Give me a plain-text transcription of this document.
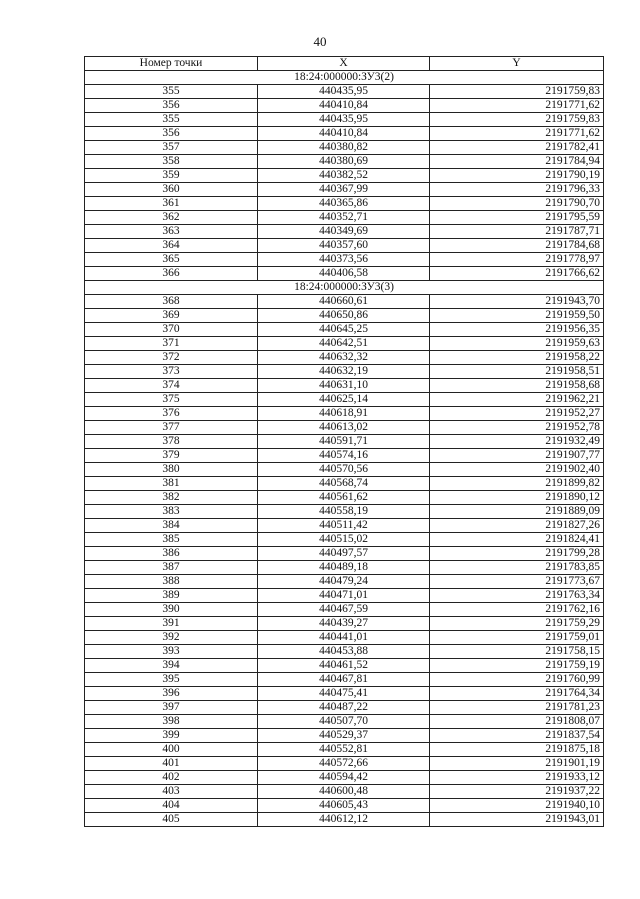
40
Номер точки	X	Y
18:24:000000:ЗУ3(2)		
355	440435,95	2191759,83
356	440410,84	2191771,62
355	440435,95	2191759,83
356	440410,84	2191771,62
357	440380,82	2191782,41
358	440380,69	2191784,94
359	440382,52	2191790,19
360	440367,99	2191796,33
361	440365,86	2191790,70
362	440352,71	2191795,59
363	440349,69	2191787,71
364	440357,60	2191784,68
365	440373,56	2191778,97
366	440406,58	2191766,62
18:24:000000:ЗУ3(3)		
368	440660,61	2191943,70
369	440650,86	2191959,50
370	440645,25	2191956,35
371	440642,51	2191959,63
372	440632,32	2191958,22
373	440632,19	2191958,51
374	440631,10	2191958,68
375	440625,14	2191962,21
376	440618,91	2191952,27
377	440613,02	2191952,78
378	440591,71	2191932,49
379	440574,16	2191907,77
380	440570,56	2191902,40
381	440568,74	2191899,82
382	440561,62	2191890,12
383	440558,19	2191889,09
384	440511,42	2191827,26
385	440515,02	2191824,41
386	440497,57	2191799,28
387	440489,18	2191783,85
388	440479,24	2191773,67
389	440471,01	2191763,34
390	440467,59	2191762,16
391	440439,27	2191759,29
392	440441,01	2191759,01
393	440453,88	2191758,15
394	440461,52	2191759,19
395	440467,81	2191760,99
396	440475,41	2191764,34
397	440487,22	2191781,23
398	440507,70	2191808,07
399	440529,37	2191837,54
400	440552,81	2191875,18
401	440572,66	2191901,19
402	440594,42	2191933,12
403	440600,48	2191937,22
404	440605,43	2191940,10
405	440612,12	2191943,01
